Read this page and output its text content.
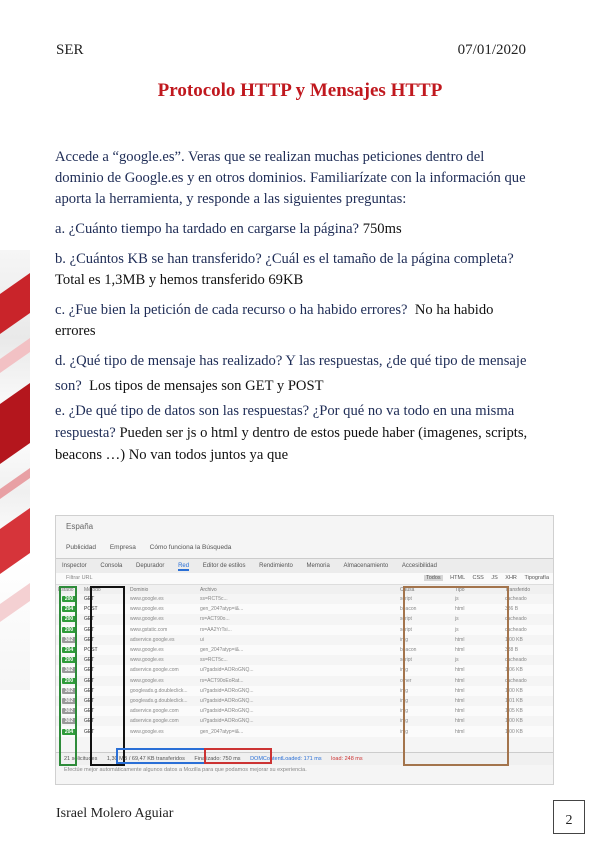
SER	07/01/2020
Protocolo HTTP y Mensajes HTTP
Accede a “google.es”. Veras que se realizan muchas peticiones dentro del dominio de Google.es y en otros dominios. Familiarízate con la información que aporta la herramienta, y responde a las siguientes preguntas:
a. ¿Cuánto tiempo ha tardado en cargarse la página? 750ms
b. ¿Cuántos KB se han transferido? ¿Cuál es el tamaño de la página completa? Total es 1,3MB y hemos transferido 69KB
c. ¿Fue bien la petición de cada recurso o ha habido errores? No ha habido errores
d. ¿Qué tipo de mensaje has realizado? Y las respuestas, ¿de qué tipo de mensaje son? Los tipos de mensajes son GET y POST
e. ¿De qué tipo de datos son las respuestas? ¿Por qué no va todo en una misma respuesta? Pueden ser js o html y dentro de estos puede haber (imagenes, scripts, beacons …) No van todos juntos ya que
España
Publicidad Empresa Cómo funciona la Búsqueda
Inspector Consola Depurador Red Editor de estilos Rendimiento Memoria Almacenamiento Accesibilidad
Filtrar URL	Todos HTML CSS JS XHR Tipografía
Estado	Método	Dominio	Archivo	Causa	Tipo	Transferido
200	GET	www.google.es	ss=RCT5c...	script	js	cacheado
204	POST	www.google.es	gen_204?atyp=i&...	beacon	html	386 B
200	GET	www.google.es	rs=ACT90o...	script	js	cacheado
200	GET	www.gstatic.com	rs=AA2YrTsi...	script	js	cacheado
302	GET	adservice.google.es	ui	img	html	1,00 KB
204	POST	www.google.es	gen_204?atyp=i&...	beacon	html	388 B
200	GET	www.google.es	ss=RCT5c...	script	js	cacheado
302	GET	adservice.google.com	ui?gadsid=AORoGNQ...	img	html	1,06 KB
200	GET	www.google.es	rs=ACT90oEoRat...	other	html	cacheado
302	GET	googleads.g.doubleclick...	ui?gadsid=AORoGNQ...	img	html	1,00 KB
302	GET	googleads.g.doubleclick...	ui?gadsid=AORoGNQ...	img	html	1,01 KB
302	GET	adservice.google.com	ui?gadsid=AORoGNQ...	img	html	1,05 KB
302	GET	adservice.google.com	ui?gadsid=AORoGNQ...	img	html	1,00 KB
204	GET	www.google.es	gen_204?atyp=i&...	img	html	1,00 KB
21 solicitudes 1,30 MB / 69,47 KB transferidos Finalizado: 750 ms DOMContentLoaded: 171 ms load: 248 ms
Efectúe mejor automáticamente algunos datos a Mozilla para que podamos mejorar su experiencia.
Israel Molero Aguiar	2
